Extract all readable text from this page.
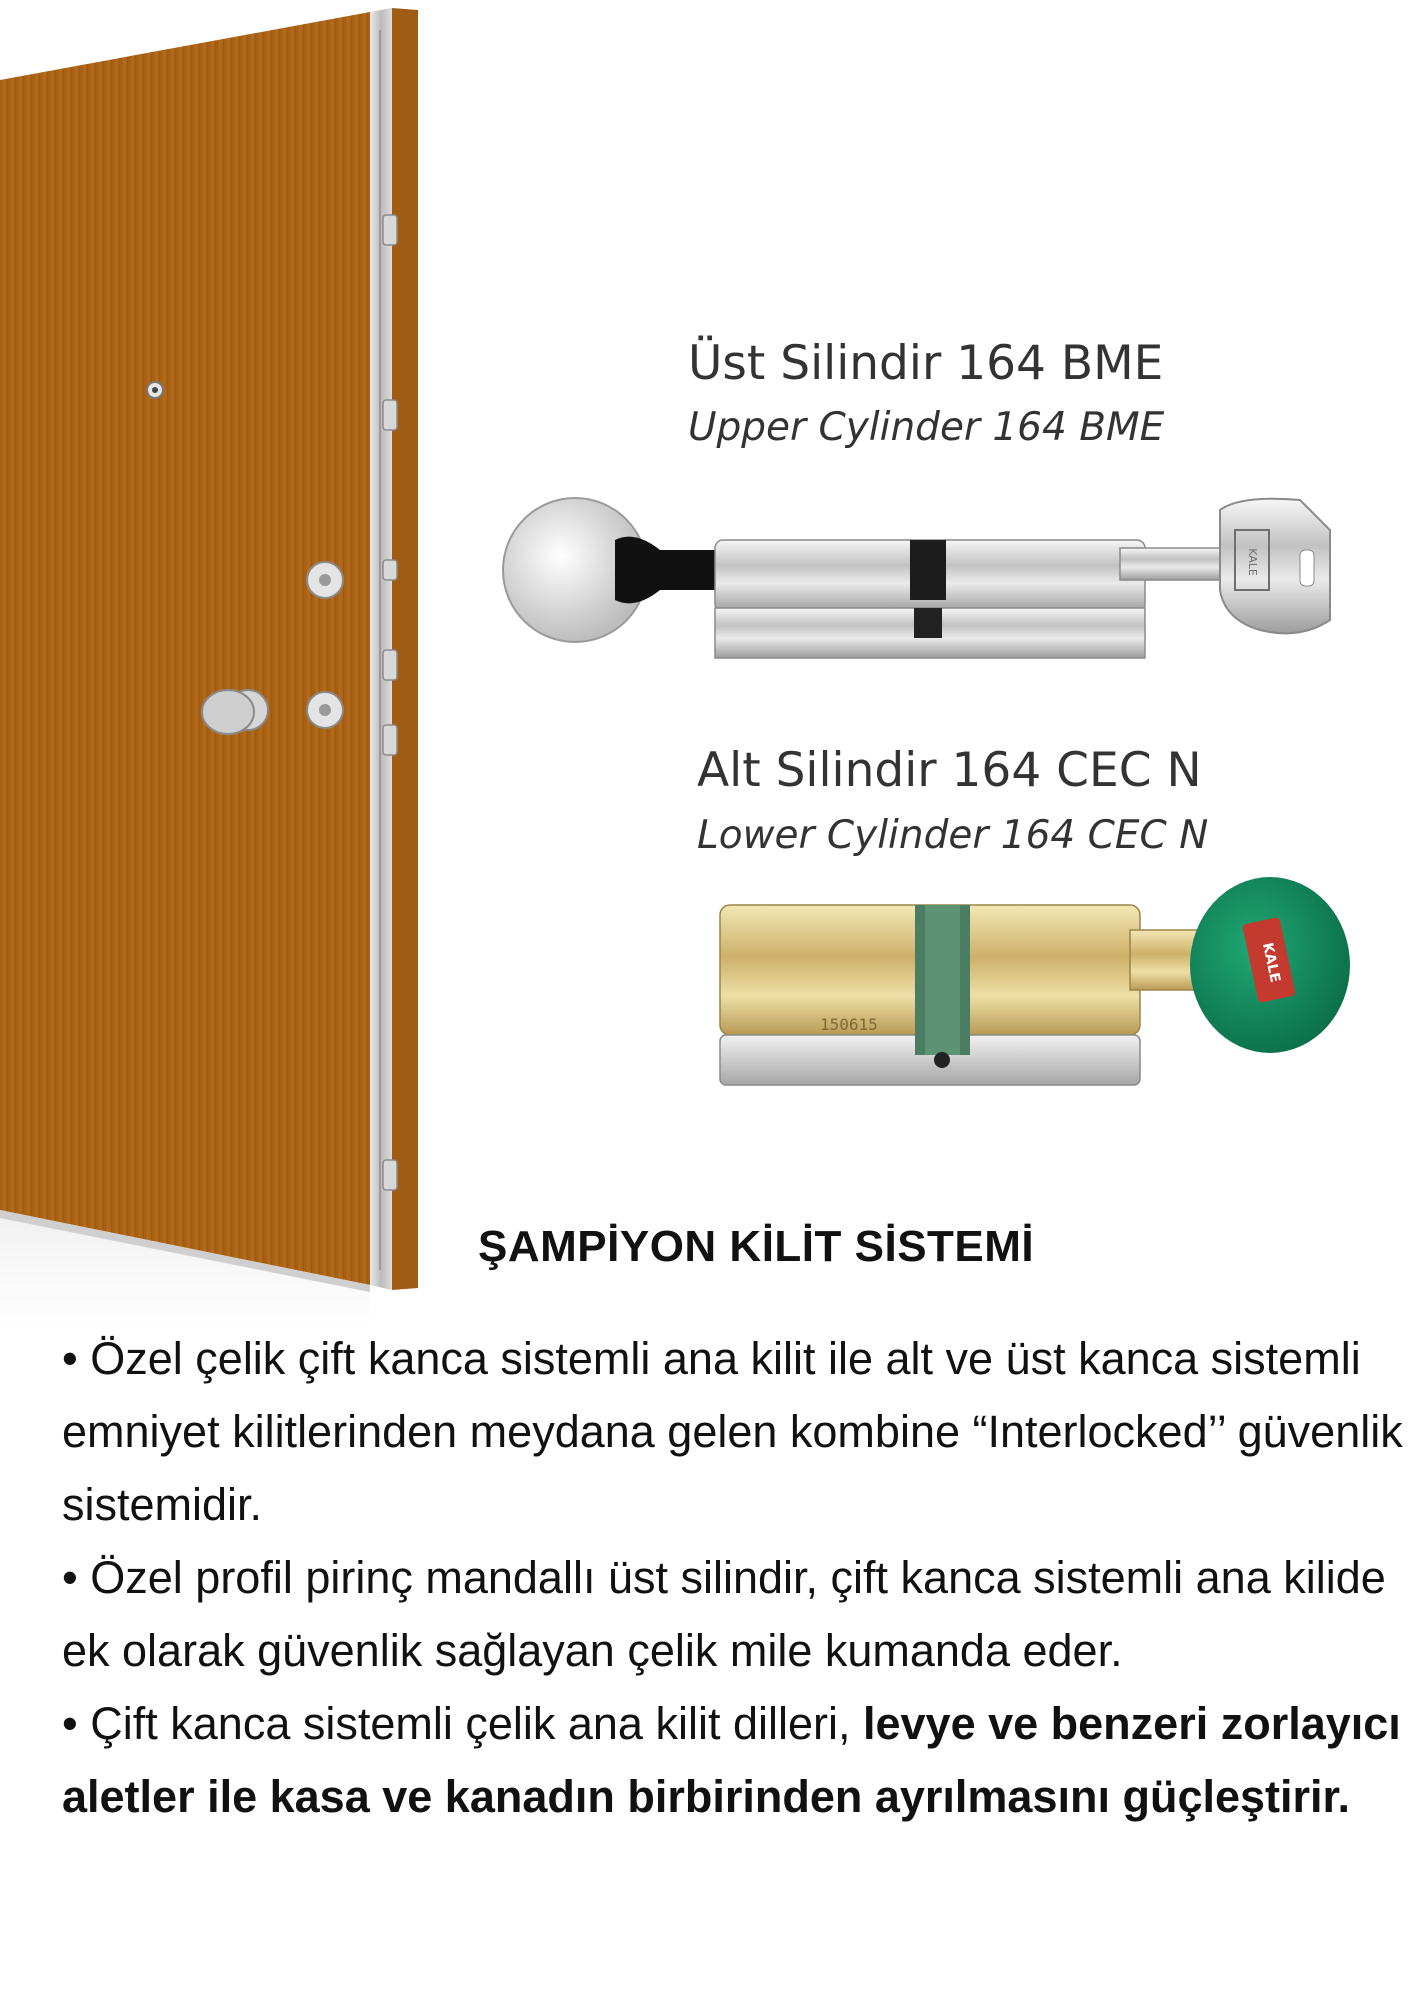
Üst Silindir 164 BME
Upper Cylinder 164 BME
KALE
Alt Silindir 164 CEC N
Lower Cylinder 164 CEC N
150615
KALE
ŞAMPİYON KİLİT SİSTEMİ

• Özel çelik çift kanca sistemli ana kilit ile alt ve üst kanca sistemli emniyet kilitlerinden meydana gelen kombine “Interlocked’’ güvenlik sistemidir.

• Özel profil pirinç mandallı üst silindir, çift kanca sistemli ana kilide ek olarak güvenlik sağlayan çelik mile kumanda eder.

• Çift kanca sistemli çelik ana kilit dilleri, levye ve benzeri zorlayıcı aletler ile kasa ve kanadın birbirinden ayrılmasını güçleştirir.
